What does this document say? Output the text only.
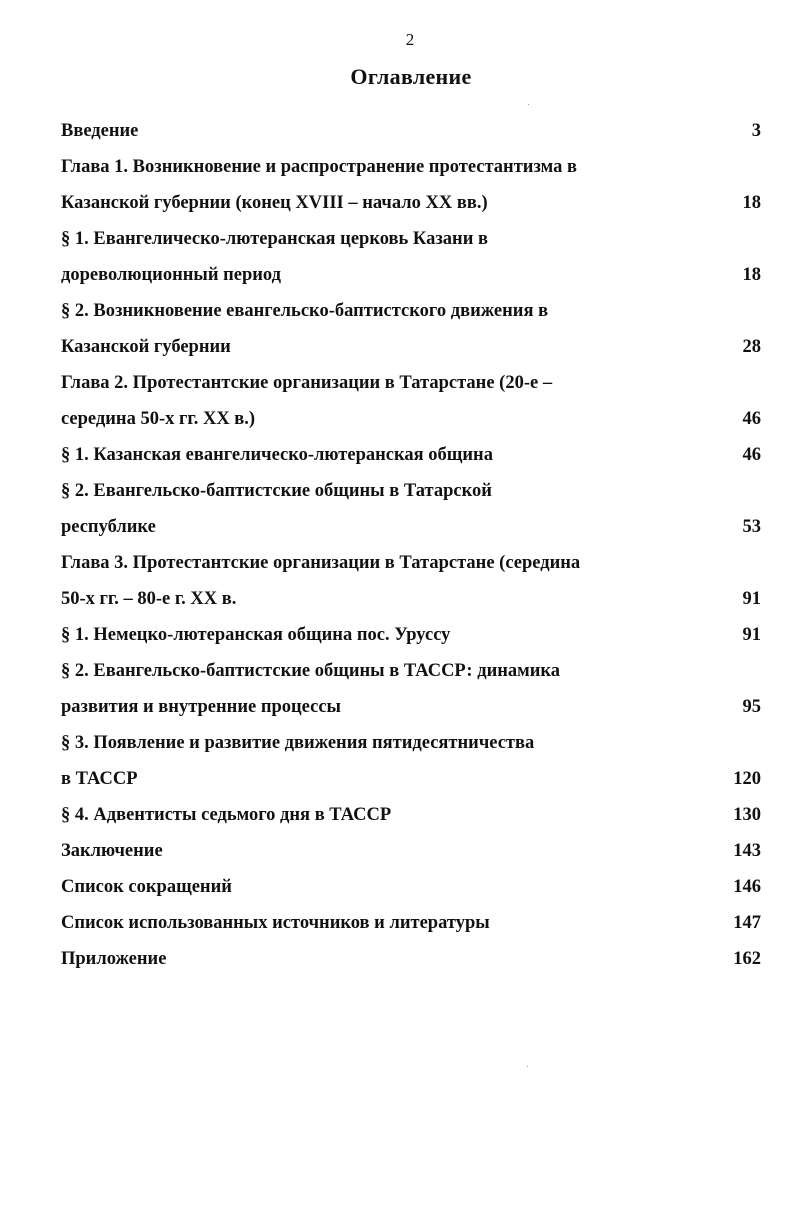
2
Оглавление
Введение	3
Глава 1. Возникновение и распространение протестантизма в
Казанской губернии (конец XVIII – начало XX вв.)	18
§ 1. Евангелическо-лютеранская церковь Казани в
дореволюционный период	18
§ 2. Возникновение евангельско-баптистского движения в
Казанской губернии	28
Глава 2. Протестантские организации в Татарстане (20-е –
середина 50-х гг. XX в.)	46
§ 1. Казанская евангелическо-лютеранская община	46
§ 2. Евангельско-баптистские общины в Татарской
республике	53
Глава 3. Протестантские организации в Татарстане (середина
50-х гг. – 80-е г. XX в.	91
§ 1. Немецко-лютеранская община пос. Уруссу	91
§ 2. Евангельско-баптистские общины в ТАССР: динамика
развития и внутренние процессы	95
§ 3. Появление и развитие движения пятидесятничества
в ТАССР	120
§ 4. Адвентисты седьмого дня в ТАССР	130
Заключение	143
Список сокращений	146
Список использованных источников и литературы	147
Приложение	162
